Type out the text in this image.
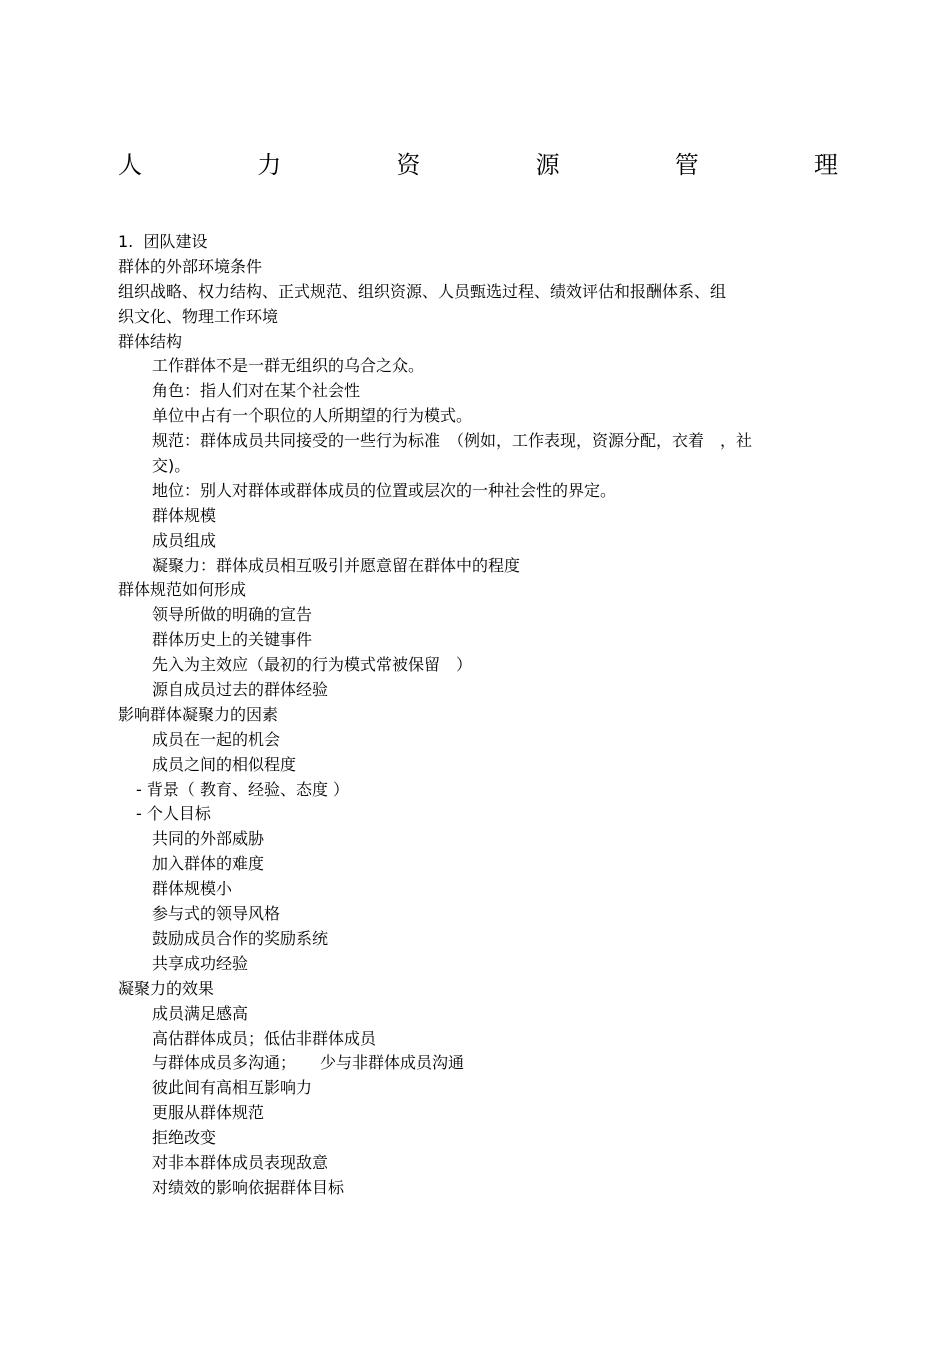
人	力	资	源	管	理
1.  团队建设
群体的外部环境条件
组织战略、权力结构、正式规范、组织资源、人员甄选过程、绩效评估和报酬体系、组
织文化、物理工作环境
群体结构
工作群体不是一群无组织的乌合之众。
角色：指人们对在某个社会性
单位中占有一个职位的人所期望的行为模式。
规范：群体成员共同接受的一些行为标准　（例如，工作表现，资源分配，衣着　，社
交)。
地位：别人对群体或群体成员的位置或层次的一种社会性的界定。
群体规模
成员组成
凝聚力：群体成员相互吸引并愿意留在群体中的程度
群体规范如何形成
领导所做的明确的宣告
群体历史上的关键事件
先入为主效应（最初的行为模式常被保留　）
源自成员过去的群体经验
影响群体凝聚力的因素
成员在一起的机会
成员之间的相似程度
- 背景（ 教育、经验、态度 ）
- 个人目标
共同的外部威胁
加入群体的难度
群体规模小
参与式的领导风格
鼓励成员合作的奖励系统
共享成功经验
凝聚力的效果
成员满足感高
高估群体成员；低估非群体成员
与群体成员多沟通；　　少与非群体成员沟通
彼此间有高相互影响力
更服从群体规范
拒绝改变
对非本群体成员表现敌意
对绩效的影响依据群体目标
